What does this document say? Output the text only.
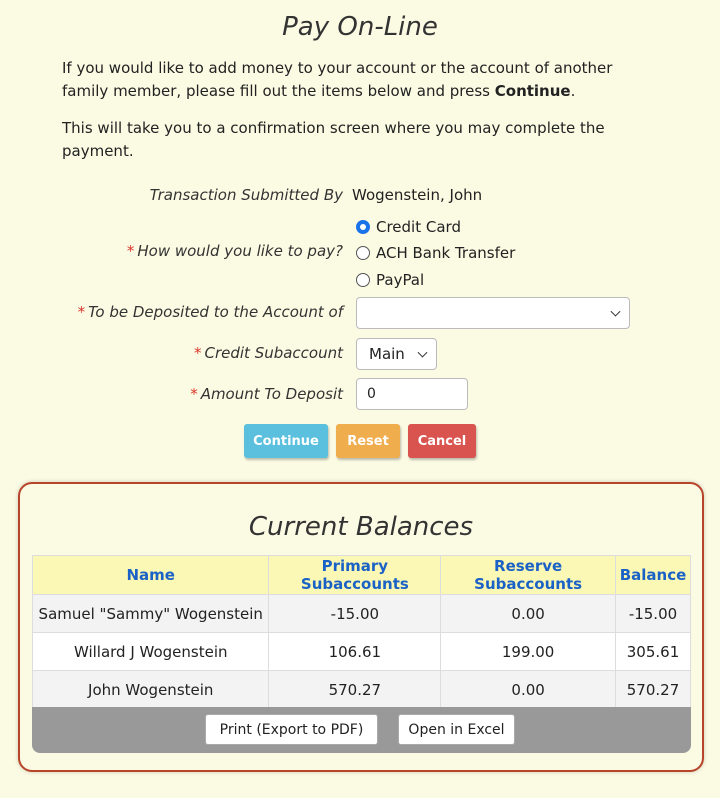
Pay On-Line
If you would like to add money to your account or the account of another family member, please fill out the items below and press Continue.
This will take you to a confirmation screen where you may complete the payment.
Transaction Submitted By Wogenstein, John
* How would you like to pay?
Credit Card
ACH Bank Transfer
PayPal
* To be Deposited to the Account of
* Credit Subaccount Main
* Amount To Deposit	0
Continue	Reset	Cancel
Current Balances
Name	Primary Subaccounts	Reserve Subaccounts	Balance
Samuel "Sammy" Wogenstein	-15.00	0.00	-15.00
Willard J Wogenstein	106.61	199.00	305.61
John Wogenstein	570.27	0.00	570.27
Print (Export to PDF)	Open in Excel
